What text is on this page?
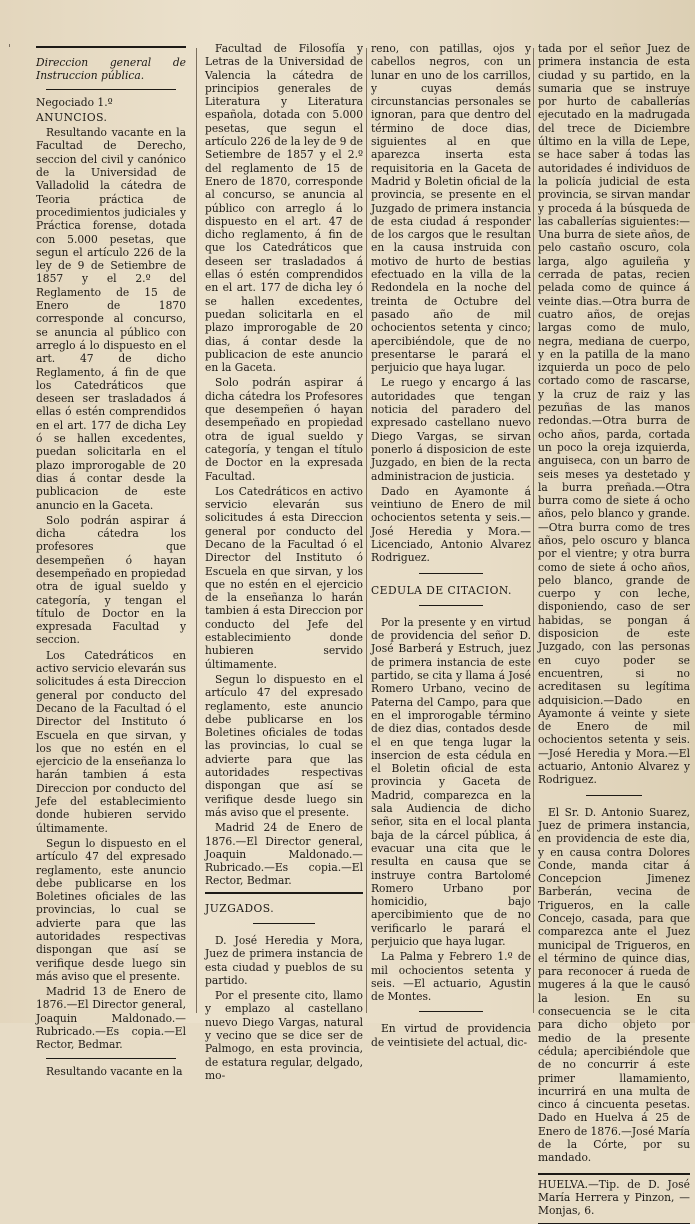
'

Direccion general de Instruccion pública.

Negociado 1.º

ANUNCIOS.

Resultando vacante en la Facultad de Derecho, seccion del civil y canónico de la Universidad de Valladolid la cátedra de Teoria práctica de procedimientos judiciales y Práctica forense, dotada con 5.000 pesetas, que segun el artículo 226 de la ley de 9 de Setiembre de 1857 y el 2.º del Reglamento de 15 de Enero de 1870 corresponde al concurso, se anuncia al público con arreglo á lo dispuesto en el art. 47 de dicho Reglamento, á fin de que los Catedráticos que deseen ser trasladados á ellas ó estén comprendidos en el art. 177 de dicha Ley ó se hallen excedentes, puedan solicitarla en el plazo improrogable de 20 dias á contar desde la publicacion de este anuncio en la Gaceta.

Solo podrán aspirar á dicha cátedra los profesores que desempeñen ó hayan desempeñado en propiedad otra de igual sueldo y categoría, y tengan el título de Doctor en la expresada Facultad y seccion.

Los Catedráticos en activo servicio elevarán sus solicitudes á esta Direccion general por conducto del Decano de la Facultad ó el Director del Instituto ó Escuela en que sirvan, y los que no estén en el ejercicio de la enseñanza lo harán tambien á esta Direccion por conducto del Jefe del establecimiento donde hubieren servido últimamente.

Segun lo dispuesto en el artículo 47 del expresado reglamento, este anuncio debe publicarse en los Boletines oficiales de las provincias, lo cual se advierte para que las autoridades respectivas dispongan que así se verifique desde luego sin más aviso que el presente.

Madrid 13 de Enero de 1876.—El Director general, Joaquin Maldonado.—Rubricado.—Es copia.—El Rector, Bedmar.

Resultando vacante en la

Facultad de Filosofía y Letras de la Universidad de Valencia la cátedra de principios generales de Literatura y Literatura española, dotada con 5.000 pesetas, que segun el artículo 226 de la ley de 9 de Setiembre de 1857 y el 2.º del reglamento de 15 de Enero de 1870, corresponde al concurso, se anuncia al público con arreglo á lo dispuesto en el art. 47 de dicho reglamento, á fin de que los Catedráticos que deseen ser trasladados á ellas ó estén comprendidos en el art. 177 de dicha ley ó se hallen excedentes, puedan solicitarla en el plazo improrogable de 20 dias, á contar desde la publicacion de este anuncio en la Gaceta.

Solo podrán aspirar á dicha cátedra los Profesores que desempeñen ó hayan desempeñado en propiedad otra de igual sueldo y categoría, y tengan el título de Doctor en la expresada Facultad.

Los Catedráticos en activo servicio elevarán sus solicitudes á esta Direccion general por conducto del Decano de la Facultad ó el Director del Instituto ó Escuela en que sirvan, y los que no estén en el ejercicio de la enseñanza lo harán tambien á esta Direccion por conducto del Jefe del establecimiento donde hubieren servido últimamente.

Segun lo dispuesto en el artículo 47 del expresado reglamento, este anuncio debe publicarse en los Boletines oficiales de todas las provincias, lo cual se advierte para que las autoridades respectivas dispongan que así se verifique desde luego sin más aviso que el presente.

Madrid 24 de Enero de 1876.—El Director general, Joaquin Maldonado.—Rubricado.—Es copia.—El Rector, Bedmar.

JUZGADOS.

D. José Heredia y Mora, Juez de primera instancia de esta ciudad y pueblos de su partido.

Por el presente cito, llamo y emplazo al castellano nuevo Diego Vargas, natural y vecino que se dice ser de Palmogo, en esta provincia, de estatura regular, delgado, mo-

reno, con patillas, ojos y cabellos negros, con un lunar en uno de los carrillos, y cuyas demás circunstancias personales se ignoran, para que dentro del término de doce dias, siguientes al en que aparezca inserta esta requisitoria en la Gaceta de Madrid y Boletin oficial de la provincia, se presente en el Juzgado de primera instancia de esta ciudad á responder de los cargos que le resultan en la causa instruida con motivo de hurto de bestias efectuado en la villa de la Redondela en la noche del treinta de Octubre del pasado año de mil ochocientos setenta y cinco; apercibiéndole, que de no presentarse le parará el perjuicio que haya lugar.

Le ruego y encargo á las autoridades que tengan noticia del paradero del expresado castellano nuevo Diego Vargas, se sirvan ponerlo á disposicion de este Juzgado, en bien de la recta administracion de justicia.

Dado en Ayamonte á veintiuno de Enero de mil ochocientos setenta y seis.—José Heredia y Mora.—Licenciado, Antonio Alvarez Rodriguez.

CEDULA DE CITACION.

Por la presente y en virtud de providencia del señor D. José Barberá y Estruch, juez de primera instancia de este partido, se cita y llama á José Romero Urbano, vecino de Paterna del Campo, para que en el improrogable término de diez dias, contados desde el en que tenga lugar la insercion de esta cédula en el Boletin oficial de esta provincia y Gaceta de Madrid, comparezca en la sala Audiencia de dicho señor, sita en el local planta baja de la cárcel pública, á evacuar una cita que le resulta en causa que se instruye contra Bartolomé Romero Urbano por homicidio, bajo apercibimiento que de no verificarlo le parará el perjuicio que haya lugar.

La Palma y Febrero 1.º de mil ochocientos setenta y seis. —El actuario, Agustin de Montes.

En virtud de providencia de veintisiete del actual, dic-

tada por el señor Juez de primera instancia de esta ciudad y su partido, en la sumaria que se instruye por hurto de caballerías ejecutado en la madrugada del trece de Diciembre último en la villa de Lepe, se hace saber á todas las autoridades é individuos de la policía judicial de esta provincia, se sirvan mandar y proceda á la búsqueda de las caballerías siguientes:—Una burra de siete años, de pelo castaño oscuro, cola larga, algo aguileña y cerrada de patas, recien pelada como de quince á veinte dias.—Otra burra de cuatro años, de orejas largas como de mulo, negra, mediana de cuerpo, y en la patilla de la mano izquierda un poco de pelo cortado como de rascarse, y la cruz de raiz y las pezuñas de las manos redondas.—Otra burra de ocho años, parda, cortada un poco la oreja izquierda, anguiseca, con un barro de seis meses ya destetado y la burra preñada.—Otra burra como de siete á ocho años, pelo blanco y grande.—Otra burra como de tres años, pelo oscuro y blanca por el vientre; y otra burra como de siete á ocho años, pelo blanco, grande de cuerpo y con leche, disponiendo, caso de ser habidas, se pongan á disposicion de este Juzgado, con las personas en cuyo poder se encuentren, si no acreditasen su legítima adquisicion.—Dado en Ayamonte á veinte y siete de Enero de mil ochocientos setenta y seis.—José Heredia y Mora.—El actuario, Antonio Alvarez y Rodriguez.

El Sr. D. Antonio Suarez, Juez de primera instancia, en providencia de este dia, y en causa contra Dolores Conde, manda citar á Concepcion Jimenez Barberán, vecina de Trigueros, en la calle Concejo, casada, para que comparezca ante el Juez municipal de Trigueros, en el término de quince dias, para reconocer á rueda de mugeres á la que le causó la lesion. En su consecuencia se le cita para dicho objeto por medio de la presente cédula; apercibiéndole que de no concurrir á este primer llamamiento, incurrirá en una multa de cinco á cincuenta pesetas. Dado en Huelva á 25 de Enero de 1876.—José María de la Córte, por su mandado.

HUELVA.—Tip. de D. José María Herrera y Pinzon, — Monjas, 6.
